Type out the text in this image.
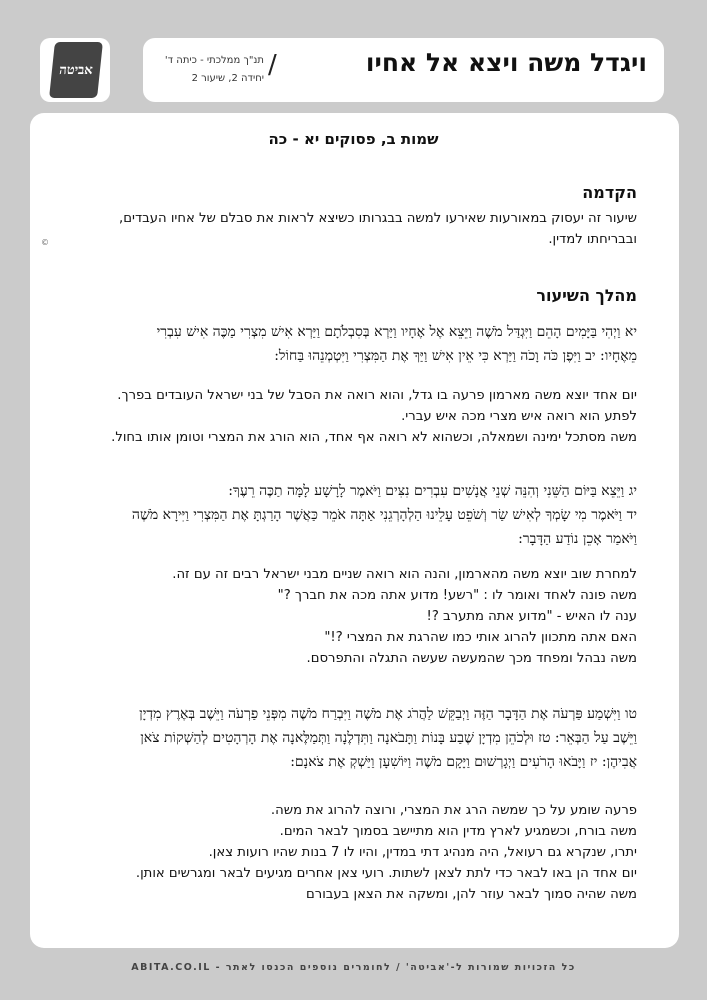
אביטה	ויגדל משה ויצא אל אחיו
/
תנ"ך ממלכתי - כיתה ד'
יחידה 2, שיעור 2
©
שמות ב, פסוקים יא - כה
הקדמה
שיעור זה יעסוק במאורעות שאירעו למשה בבגרותו כשיצא לראות את סבלם של אחיו העבדים,
ובבריחתו למדין.
מהלך השיעור
יא וַיְהִי בַּיָּמִים הָהֵם וַיִּגְדַּל מֹשֶׁה וַיֵּצֵא אֶל אֶחָיו וַיַּרְא בְּסִבְלֹתָם וַיַּרְא אִישׁ מִצְרִי מַכֶּה אִישׁ עִבְרִי
מֵאֶחָיו: יב וַיִּפֶן כֹּה וָכֹה וַיַּרְא כִּי אֵין אִישׁ וַיַּךְ אֶת הַמִּצְרִי וַיִּטְמְנֵהוּ בַּחוֹל:
יום אחד יוצא משה מארמון פרעה בו גדל, והוא רואה את הסבל של בני ישראל העובדים בפרך.
לפתע הוא רואה איש מצרי מכה איש עברי.
משה מסתכל ימינה ושמאלה, וכשהוא לא רואה אף אחד, הוא הורג את המצרי וטומן אותו בחול.
יג וַיֵּצֵא בַּיּוֹם הַשֵּׁנִי וְהִנֵּה שְׁנֵי אֲנָשִׁים עִבְרִים נִצִּים וַיֹּאמֶר לָרָשָׁע לָמָּה תַכֶּה רֵעֶךָ:
יד וַיֹּאמֶר מִי שָׂמְךָ לְאִישׁ שַׂר וְשֹׁפֵט עָלֵינוּ הַלְהָרְגֵנִי אַתָּה אֹמֵר כַּאֲשֶׁר הָרַגְתָּ אֶת הַמִּצְרִי וַיִּירָא מֹשֶׁה
וַיֹּאמַר אָכֵן נוֹדַע הַדָּבָר:
למחרת שוב יוצא משה מהארמון, והנה הוא רואה שניים מבני ישראל רבים זה עם זה.
משה פונה לאחד ואומר לו : "רשע! מדוע אתה מכה את חברך ?"
ענה לו האיש - "מדוע אתה מתערב ?!
האם אתה מתכוון להרוג אותי כמו שהרגת את המצרי ?!"
משה נבהל ומפחד מכך שהמעשה שעשה התגלה והתפרסם.
טו וַיִּשְׁמַע פַּרְעֹה אֶת הַדָּבָר הַזֶּה וַיְבַקֵּשׁ לַהֲרֹג אֶת מֹשֶׁה וַיִּבְרַח מֹשֶׁה מִפְּנֵי פַרְעֹה וַיֵּשֶׁב בְּאֶרֶץ מִדְיָן
וַיֵּשֶׁב עַל הַבְּאֵר: טז וּלְכֹהֵן מִדְיָן שֶׁבַע בָּנוֹת וַתָּבֹאנָה וַתִּדְלֶנָה וַתְּמַלֶּאנָה אֶת הָרְהָטִים לְהַשְׁקוֹת צֹאן
אֲבִיהֶן: יז וַיָּבֹאוּ הָרֹעִים וַיְגָרְשׁוּם וַיָּקָם מֹשֶׁה וַיּוֹשִׁעָן וַיַּשְׁקְ אֶת צֹאנָם:
פרעה שומע על כך שמשה הרג את המצרי, ורוצה להרוג את משה.
משה בורח, וכשמגיע לארץ מדין הוא מתיישב בסמוך לבאר המים.
יתרו, שנקרא גם רעואל, היה מנהיג דתי במדין, והיו לו 7 בנות שהיו רועות צאן.
יום אחד הן באו לבאר כדי לתת לצאן לשתות. רועי צאן אחרים מגיעים לבאר ומגרשים אותן.
משה שהיה סמוך לבאר עוזר להן, ומשקה את הצאן בעבורם
כל הזכויות שמורות ל-'אביטה' / לחומרים נוספים הכנסו לאתר - ABITA.CO.IL
